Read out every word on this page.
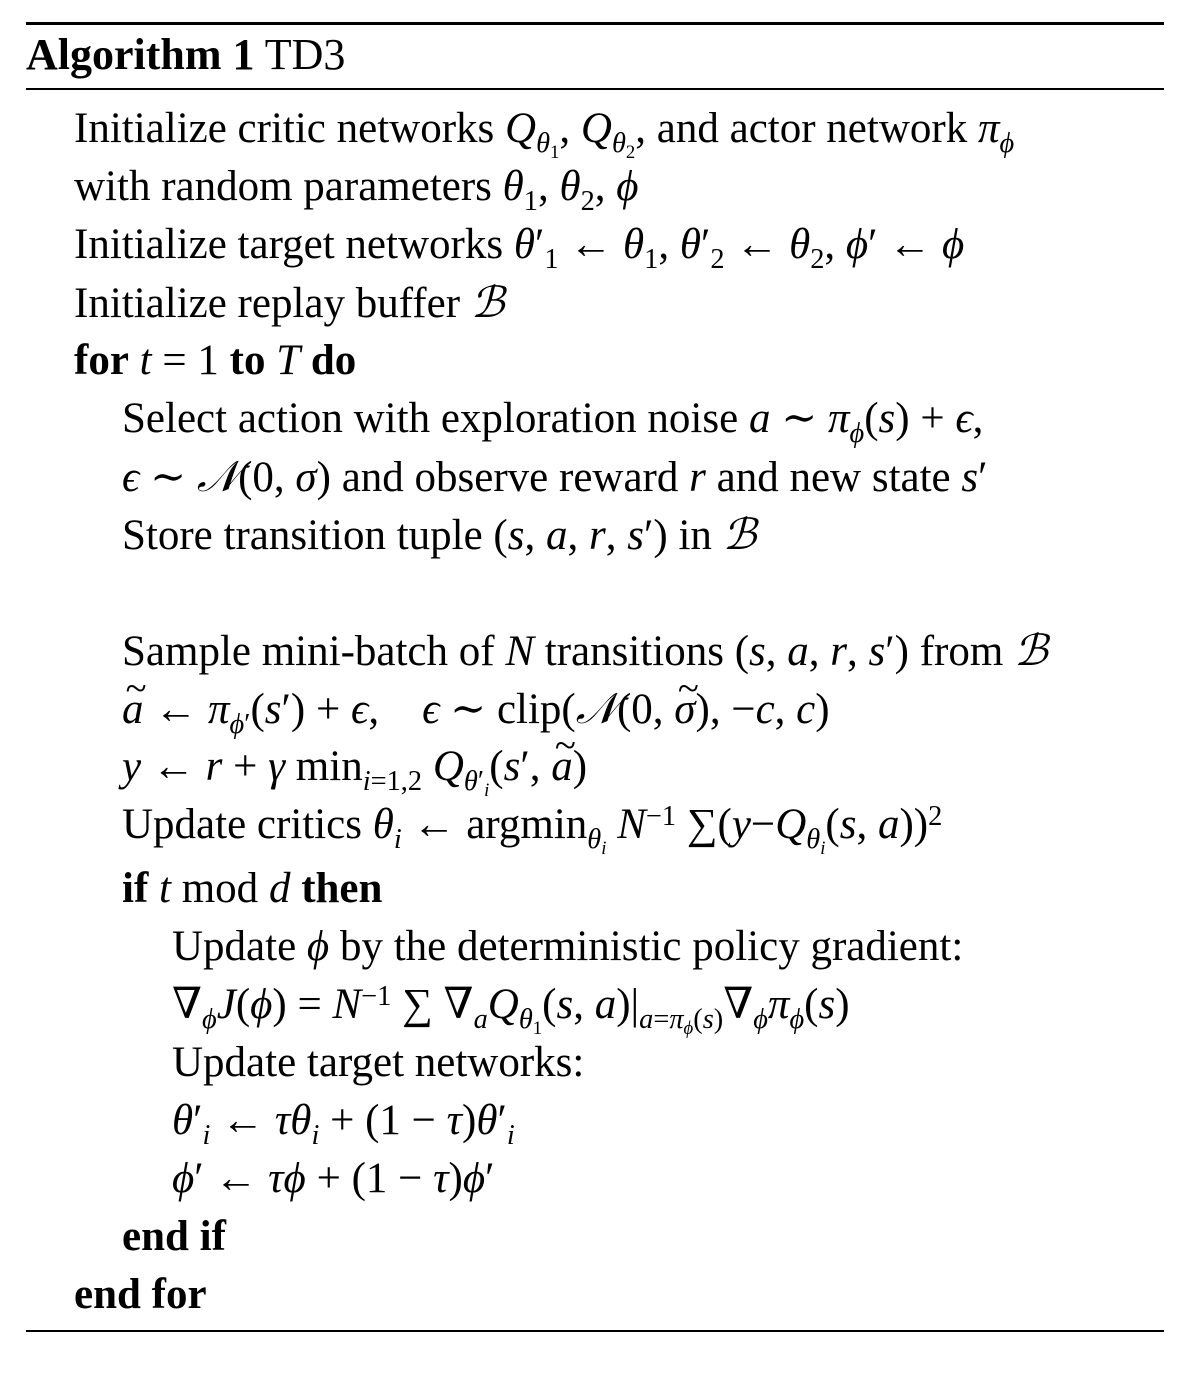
Algorithm 1 TD3
Initialize critic networks $Q_{\theta_1}$, $Q_{\theta_2}$, and actor network $\pi_\phi$
with random parameters $\theta_1$, $\theta_2$, ϕ
Initialize target networks $\theta'_1$ ← $\theta_1$, $\theta'_2$ ← $\theta_2$, ϕ′ ← ϕ
Initialize replay buffer ℬ
for t = 1 to T do
Select action with exploration noise a ∼ $\pi_\phi(s) + \epsilon$,
ϵ ∼ 𝒩(0, σ) and observe reward r and new state s′
Store transition tuple (s, a, r, s′) in ℬ
Sample mini-batch of N transitions (s, a, r, s′) from ℬ
~ a ← $\pi_{\phi'}(s') + \epsilon$,    ϵ ∼ clip(𝒩(0, ~ σ), −c, c)
y ← r + γ $\min_{i=1,2} Q_{\theta'_i}(s'$, ~ a)
Update critics $\theta_i$ ← argmin$_{\theta_i}$ $N^{-1}$ $\sum(y-Q_{\theta_i}(s$, a))$^2$
if t mod d then
Update ϕ by the deterministic policy gradient:
$\nabla_\phi J(\phi) = N^{-1}$ ∑ $\nabla_aQ_{\theta_1}(s$, $a)|_{a=\pi_\phi(s)}\nabla_\phi\pi_\phi(s)$
Update target networks:
$\theta'_i$ ← $\tau\theta_i + (1 - \tau)\theta'_i$
ϕ′ ← τϕ + (1 − τ)ϕ′
end if
end for
